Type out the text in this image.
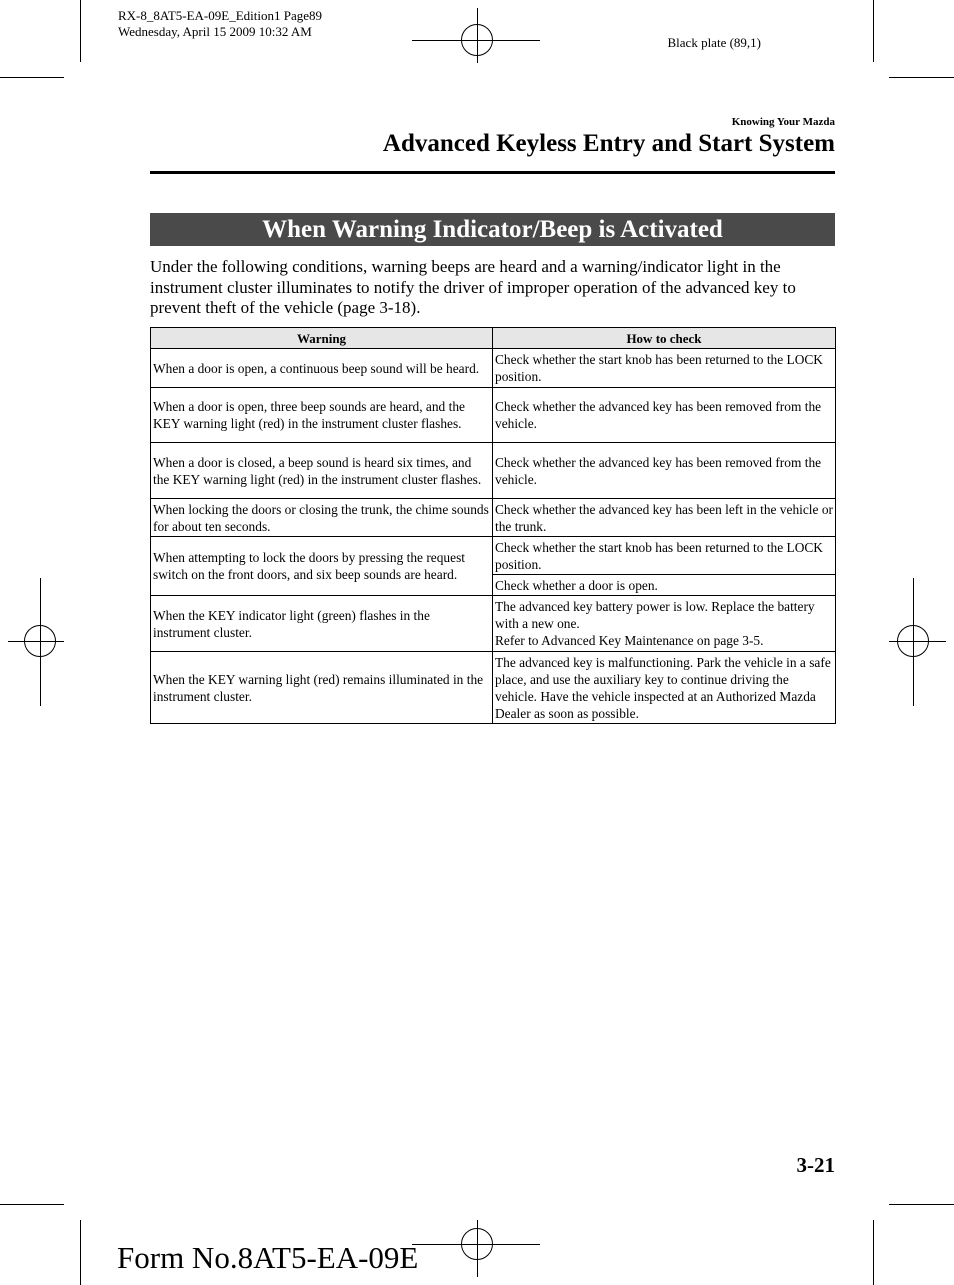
RX-8_8AT5-EA-09E_Edition1 Page89
Wednesday, April 15 2009 10:32 AM
Black plate (89,1)
Knowing Your Mazda
Advanced Keyless Entry and Start System
When Warning Indicator/Beep is Activated

Under the following conditions, warning beeps are heard and a warning/indicator light in the instrument cluster illuminates to notify the driver of improper operation of the advanced key to prevent theft of the vehicle (page 3-18).

Warning	How to check
When a door is open, a continuous beep sound will be heard.	Check whether the start knob has been returned to the LOCK position.
When a door is open, three beep sounds are heard, and the KEY warning light (red) in the instrument cluster flashes.	Check whether the advanced key has been removed from the vehicle.
When a door is closed, a beep sound is heard six times, and the KEY warning light (red) in the instrument cluster flashes.	Check whether the advanced key has been removed from the vehicle.
When locking the doors or closing the trunk, the chime sounds for about ten seconds.	Check whether the advanced key has been left in the vehicle or the trunk.
When attempting to lock the doors by pressing the request switch on the front doors, and six beep sounds are heard.	Check whether the start knob has been returned to the LOCK position.
	Check whether a door is open.
When the KEY indicator light (green) flashes in the instrument cluster.	The advanced key battery power is low. Replace the battery with a new one.
Refer to Advanced Key Maintenance on page 3-5.

When the KEY warning light (red) remains illuminated in the instrument cluster.	The advanced key is malfunctioning. Park the vehicle in a safe place, and use the auxiliary key to continue driving the vehicle. Have the vehicle inspected at an Authorized Mazda Dealer as soon as possible.
3-21
Form No.8AT5-EA-09E
